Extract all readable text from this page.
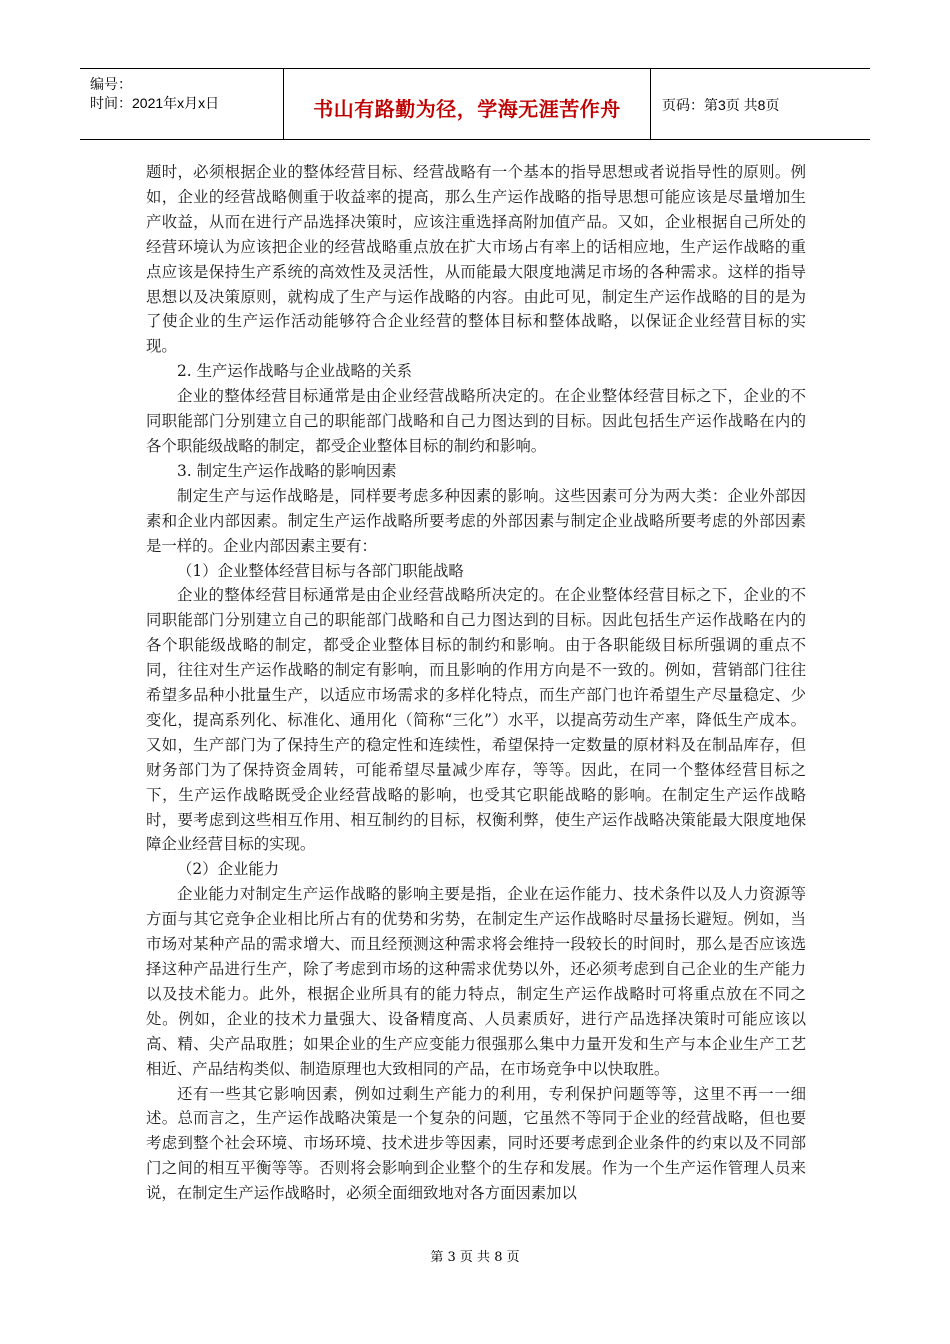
编号：
时间：2021年x月x日	书山有路勤为径，学海无涯苦作舟	页码：第3页 共8页

题时，必须根据企业的整体经营目标、经营战略有一个基本的指导思想或者说指导性的原则。例如，企业的经营战略侧重于收益率的提高，那么生产运作战略的指导思想可能应该是尽量增加生产收益，从而在进行产品选择决策时，应该注重选择高附加值产品。又如，企业根据自己所处的经营环境认为应该把企业的经营战略重点放在扩大市场占有率上的话相应地，生产运作战略的重点应该是保持生产系统的高效性及灵活性，从而能最大限度地满足市场的各种需求。这样的指导思想以及决策原则，就构成了生产与运作战略的内容。由此可见，制定生产运作战略的目的是为了使企业的生产运作活动能够符合企业经营的整体目标和整体战略，以保证企业经营目标的实现。

2. 生产运作战略与企业战略的关系

企业的整体经营目标通常是由企业经营战略所决定的。在企业整体经营目标之下，企业的不同职能部门分别建立自己的职能部门战略和自己力图达到的目标。因此包括生产运作战略在内的各个职能级战略的制定，都受企业整体目标的制约和影响。

3. 制定生产运作战略的影响因素

制定生产与运作战略是，同样要考虑多种因素的影响。这些因素可分为两大类：企业外部因素和企业内部因素。制定生产运作战略所要考虑的外部因素与制定企业战略所要考虑的外部因素是一样的。企业内部因素主要有：

（1）企业整体经营目标与各部门职能战略

企业的整体经营目标通常是由企业经营战略所决定的。在企业整体经营目标之下，企业的不同职能部门分别建立自己的职能部门战略和自己力图达到的目标。因此包括生产运作战略在内的各个职能级战略的制定，都受企业整体目标的制约和影响。由于各职能级目标所强调的重点不同，往往对生产运作战略的制定有影响，而且影响的作用方向是不一致的。例如，营销部门往往希望多品种小批量生产，以适应市场需求的多样化特点，而生产部门也许希望生产尽量稳定、少变化，提高系列化、标准化、通用化（简称“三化”）水平，以提高劳动生产率，降低生产成本。又如，生产部门为了保持生产的稳定性和连续性，希望保持一定数量的原材料及在制品库存，但财务部门为了保持资金周转，可能希望尽量减少库存，等等。因此，在同一个整体经营目标之下，生产运作战略既受企业经营战略的影响，也受其它职能战略的影响。在制定生产运作战略时，要考虑到这些相互作用、相互制约的目标，权衡利弊，使生产运作战略决策能最大限度地保障企业经营目标的实现。

（2）企业能力

企业能力对制定生产运作战略的影响主要是指，企业在运作能力、技术条件以及人力资源等方面与其它竞争企业相比所占有的优势和劣势，在制定生产运作战略时尽量扬长避短。例如，当市场对某种产品的需求增大、而且经预测这种需求将会维持一段较长的时间时，那么是否应该选择这种产品进行生产，除了考虑到市场的这种需求优势以外，还必须考虑到自己企业的生产能力以及技术能力。此外，根据企业所具有的能力特点，制定生产运作战略时可将重点放在不同之处。例如，企业的技术力量强大、设备精度高、人员素质好，进行产品选择决策时可能应该以高、精、尖产品取胜；如果企业的生产应变能力很强那么集中力量开发和生产与本企业生产工艺相近、产品结构类似、制造原理也大致相同的产品，在市场竞争中以快取胜。

还有一些其它影响因素，例如过剩生产能力的利用，专利保护问题等等，这里不再一一细述。总而言之，生产运作战略决策是一个复杂的问题，它虽然不等同于企业的经营战略，但也要考虑到整个社会环境、市场环境、技术进步等因素，同时还要考虑到企业条件的约束以及不同部门之间的相互平衡等等。否则将会影响到企业整个的生存和发展。作为一个生产运作管理人员来说，在制定生产运作战略时，必须全面细致地对各方面因素加以

第 3 页 共 8 页
